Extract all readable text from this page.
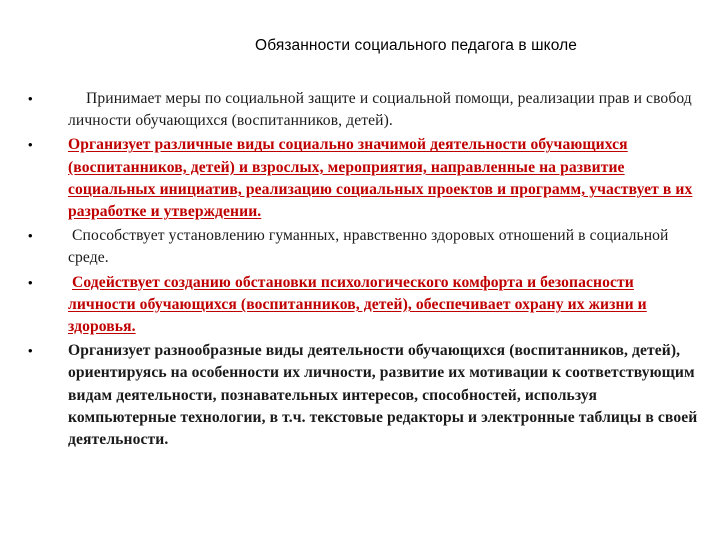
Обязанности социального педагога в школе
•	Принимает меры по социальной защите и социальной помощи, реализации прав и свобод личности обучающихся (воспитанников, детей).
• Организует различные виды социально значимой деятельности обучающихся (воспитанников, детей) и взрослых, мероприятия, направленные на развитие социальных инициатив, реализацию социальных проектов и программ, участвует в их разработке и утверждении.
•	Способствует установлению гуманных, нравственно здоровых отношений в социальной среде.
•	Содействует созданию обстановки психологического комфорта и безопасности личности обучающихся (воспитанников, детей), обеспечивает охрану их жизни и здоровья.
• Организует разнообразные виды деятельности обучающихся (воспитанников, детей), ориентируясь на особенности их личности, развитие их мотивации к соответствующим видам деятельности, познавательных интересов, способностей, используя компьютерные технологии, в т.ч. текстовые редакторы и электронные таблицы в своей деятельности.
